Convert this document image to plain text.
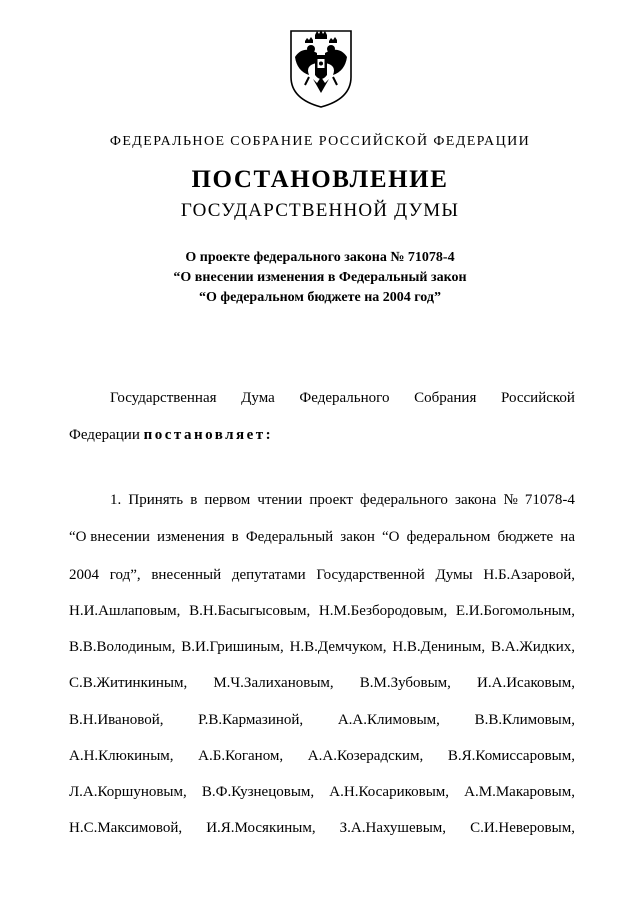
ФЕДЕРАЛЬНОЕ СОБРАНИЕ РОССИЙСКОЙ ФЕДЕРАЦИИ
ПОСТАНОВЛЕНИЕ
ГОСУДАРСТВЕННОЙ ДУМЫ
О проекте федерального закона № 71078-4
“О внесении изменения в Федеральный закон
“О федеральном бюджете на 2004 год”
Государственная Дума Федерального Собрания Российской
Федерации постановляет:
1. Принять в первом чтении проект федерального закона № 71078-4
“О внесении изменения в Федеральный закон “О федеральном бюджете на
2004 год”, внесенный депутатами Государственной Думы Н.Б.Азаровой,
Н.И.Ашлаповым, В.Н.Басыгысовым, Н.М.Безбородовым, Е.И.Богомольным,
В.В.Володиным, В.И.Гришиным, Н.В.Демчуком, Н.В.Дениным, В.А.Жидких,
С.В.Житинкиным, М.Ч.Залихановым, В.М.Зубовым, И.А.Исаковым,
В.Н.Ивановой, Р.В.Кармазиной, А.А.Климовым, В.В.Климовым,
А.Н.Клюкиным, А.Б.Коганом, А.А.Козерадским, В.Я.Комиссаровым,
Л.А.Коршуновым, В.Ф.Кузнецовым, А.Н.Косариковым, А.М.Макаровым,
Н.С.Максимовой, И.Я.Мосякиным, З.А.Нахушевым, С.И.Неверовым,
